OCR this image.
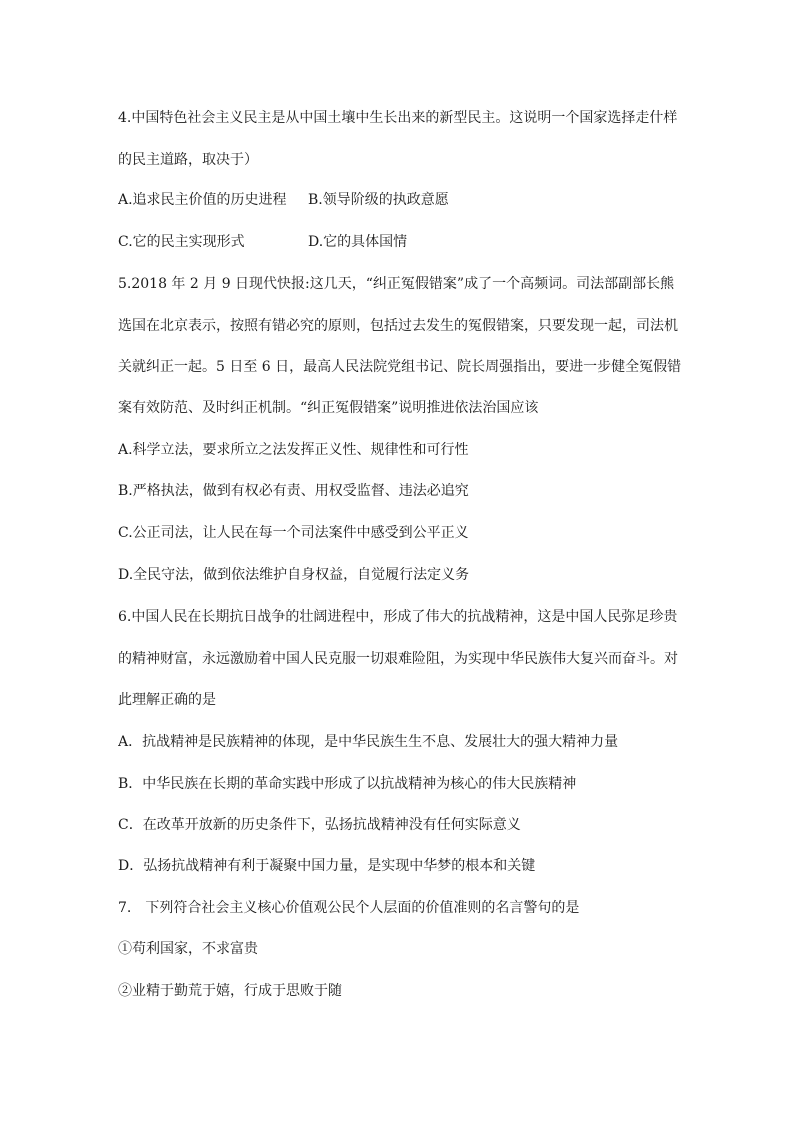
4.中国特色社会主义民主是从中国土壤中生长出来的新型民主。这说明一个国家选择走什样
的民主道路，取决于）
A.追求民主价值的历史进程 B.领导阶级的执政意愿
C.它的民主实现形式	D.它的具体国情
5.2018 年 2 月 9 日现代快报:这几天，“纠正冤假错案”成了一个高频词。司法部副部长熊
选国在北京表示，按照有错必究的原则，包括过去发生的冤假错案，只要发现一起，司法机
关就纠正一起。5 日至 6 日，最高人民法院党组书记、院长周强指出，要进一步健全冤假错
案有效防范、及时纠正机制。“纠正冤假错案”说明推进依法治国应该
A.科学立法，要求所立之法发挥正义性、规律性和可行性
B.严格执法，做到有权必有责、用权受监督、违法必追究
C.公正司法，让人民在每一个司法案件中感受到公平正义
D.全民守法，做到依法维护自身权益，自觉履行法定义务
6.中国人民在长期抗日战争的壮阔进程中，形成了伟大的抗战精神，这是中国人民弥足珍贵
的精神财富，永远激励着中国人民克服一切艰难险阻，为实现中华民族伟大复兴而奋斗。对
此理解正确的是
A．抗战精神是民族精神的体现，是中华民族生生不息、发展壮大的强大精神力量
B．中华民族在长期的革命实践中形成了以抗战精神为核心的伟大民族精神
C．在改革开放新的历史条件下，弘扬抗战精神没有任何实际意义
D．弘扬抗战精神有利于凝聚中国力量，是实现中华梦的根本和关键
7.　下列符合社会主义核心价值观公民个人层面的价值准则的名言警句的是
①苟利国家，不求富贵
②业精于勤荒于嬉，行成于思败于随
